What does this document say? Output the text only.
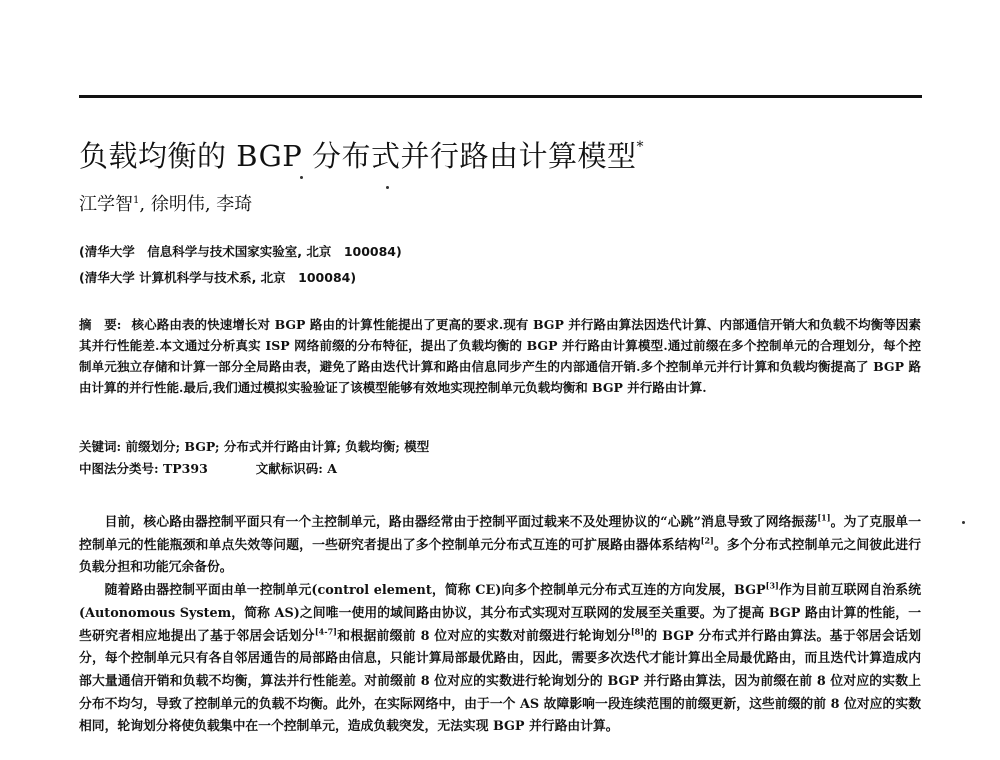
负载均衡的 BGP 分布式并行路由计算模型*
江学智$^1$, 徐明伟, 李琦
(清华大学　信息科学与技术国家实验室, 北京　100084)
(清华大学 计算机科学与技术系, 北京　100084)
摘　要: 核心路由表的快速增长对 BGP 路由的计算性能提出了更高的要求.现有 BGP 并行路由算法因迭代计算、内部通信开销大和负载不均衡等因素其并行性能差.本文通过分析真实 ISP 网络前缀的分布特征，提出了负载均衡的 BGP 并行路由计算模型.通过前缀在多个控制单元的合理划分，每个控制单元独立存储和计算一部分全局路由表，避免了路由迭代计算和路由信息同步产生的内部通信开销.多个控制单元并行计算和负载均衡提高了 BGP 路由计算的并行性能.最后,我们通过模拟实验验证了该模型能够有效地实现控制单元负载均衡和 BGP 并行路由计算.
关键词: 前缀划分; BGP; 分布式并行路由计算; 负载均衡; 模型
中图法分类号: TP393	文献标识码: A

目前，核心路由器控制平面只有一个主控制单元，路由器经常由于控制平面过载来不及处理协议的“心跳”消息导致了网络振荡[1]。为了克服单一控制单元的性能瓶颈和单点失效等问题，一些研究者提出了多个控制单元分布式互连的可扩展路由器体系结构[2]。多个分布式控制单元之间彼此进行负载分担和功能冗余备份。

随着路由器控制平面由单一控制单元(control element，简称 CE)向多个控制单元分布式互连的方向发展，BGP[3]作为目前互联网自治系统(Autonomous System，简称 AS)之间唯一使用的域间路由协议，其分布式实现对互联网的发展至关重要。为了提高 BGP 路由计算的性能，一些研究者相应地提出了基于邻居会话划分[4-7]和根据前缀前 8 位对应的实数对前缀进行轮询划分[8]的 BGP 分布式并行路由算法。基于邻居会话划分，每个控制单元只有各自邻居通告的局部路由信息，只能计算局部最优路由，因此，需要多次迭代才能计算出全局最优路由，而且迭代计算造成内部大量通信开销和负载不均衡，算法并行性能差。对前缀前 8 位对应的实数进行轮询划分的 BGP 并行路由算法，因为前缀在前 8 位对应的实数上分布不均匀，导致了控制单元的负载不均衡。此外，在实际网络中，由于一个 AS 故障影响一段连续范围的前缀更新，这些前缀的前 8 位对应的实数相同，轮询划分将使负载集中在一个控制单元，造成负载突发，无法实现 BGP 并行路由计算。
